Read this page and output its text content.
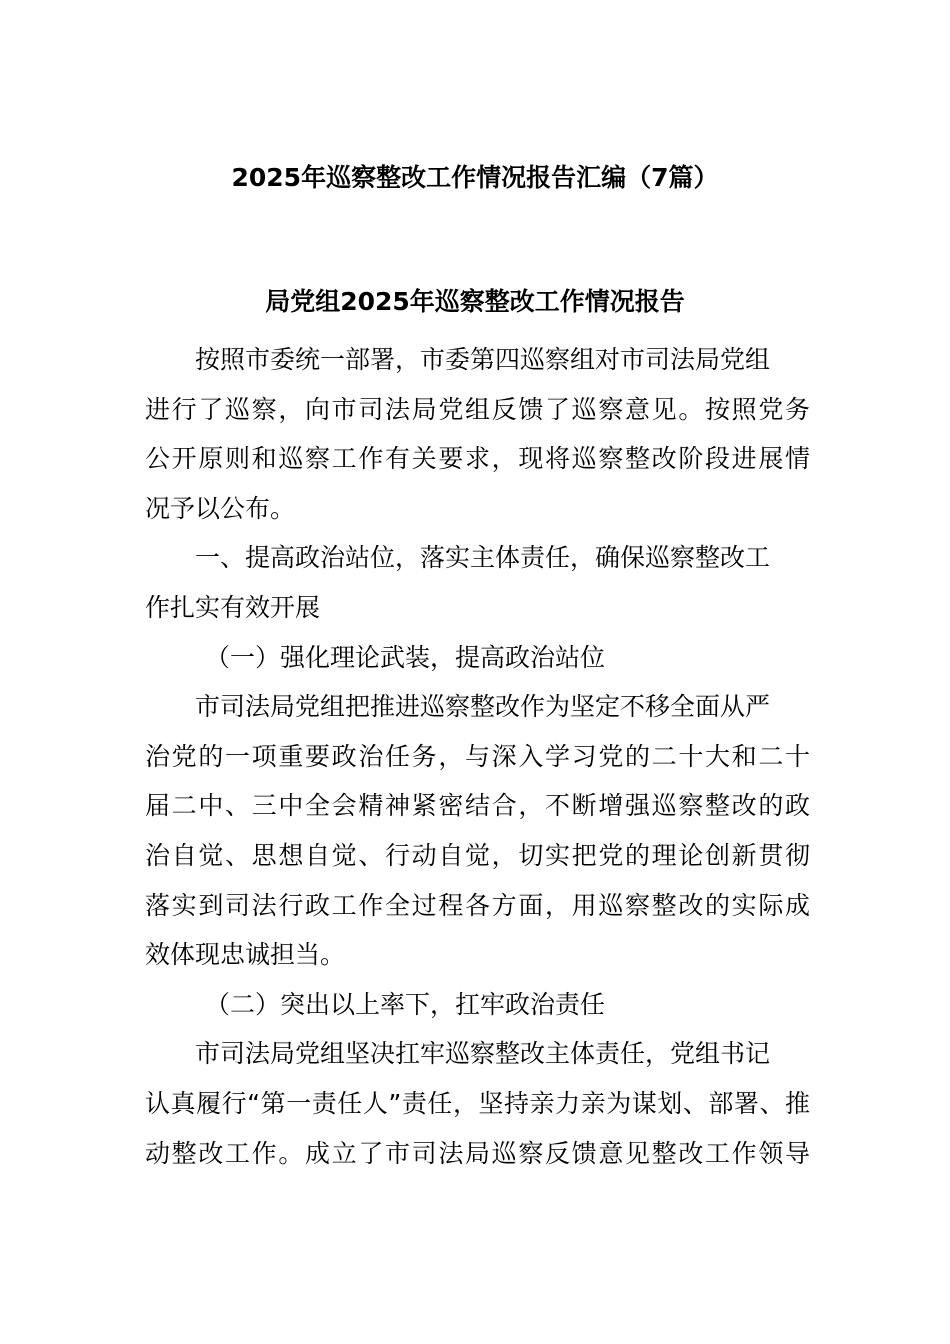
2025年巡察整改工作情况报告汇编（7篇）
局党组2025年巡察整改工作情况报告
按照市委统一部署，市委第四巡察组对市司法局党组
进行了巡察，向市司法局党组反馈了巡察意见。按照党务
公开原则和巡察工作有关要求，现将巡察整改阶段进展情
况予以公布。
一、提高政治站位，落实主体责任，确保巡察整改工
作扎实有效开展
（一）强化理论武装，提高政治站位
市司法局党组把推进巡察整改作为坚定不移全面从严
治党的一项重要政治任务，与深入学习党的二十大和二十
届二中、三中全会精神紧密结合，不断增强巡察整改的政
治自觉、思想自觉、行动自觉，切实把党的理论创新贯彻
落实到司法行政工作全过程各方面，用巡察整改的实际成
效体现忠诚担当。
（二）突出以上率下，扛牢政治责任
市司法局党组坚决扛牢巡察整改主体责任，党组书记
认真履行“第一责任人”责任，坚持亲力亲为谋划、部署、推
动整改工作。成立了市司法局巡察反馈意见整改工作领导
